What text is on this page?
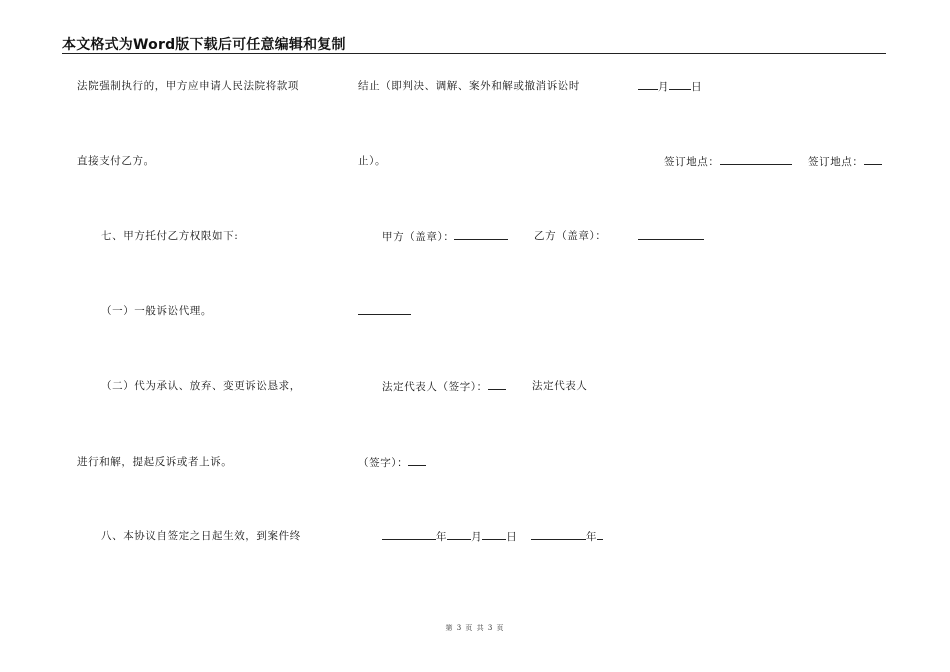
本文格式为Word版下载后可任意编辑和复制
法院强制执行的，甲方应申请人民法院将款项
直接支付乙方。
七、甲方托付乙方权限如下:
（一）一般诉讼代理。
（二）代为承认、放弃、变更诉讼恳求，
进行和解，提起反诉或者上诉。
八、本协议自签定之日起生效，到案件终
结止（即判决、调解、案外和解或撤消诉讼时
止）。
甲方（盖章）：	乙方（盖章）：
法定代表人（签字）：	法定代表人
（签字）：
年 月 日	年
月 日
签订地点：	签订地点：
第 3 页 共 3 页
